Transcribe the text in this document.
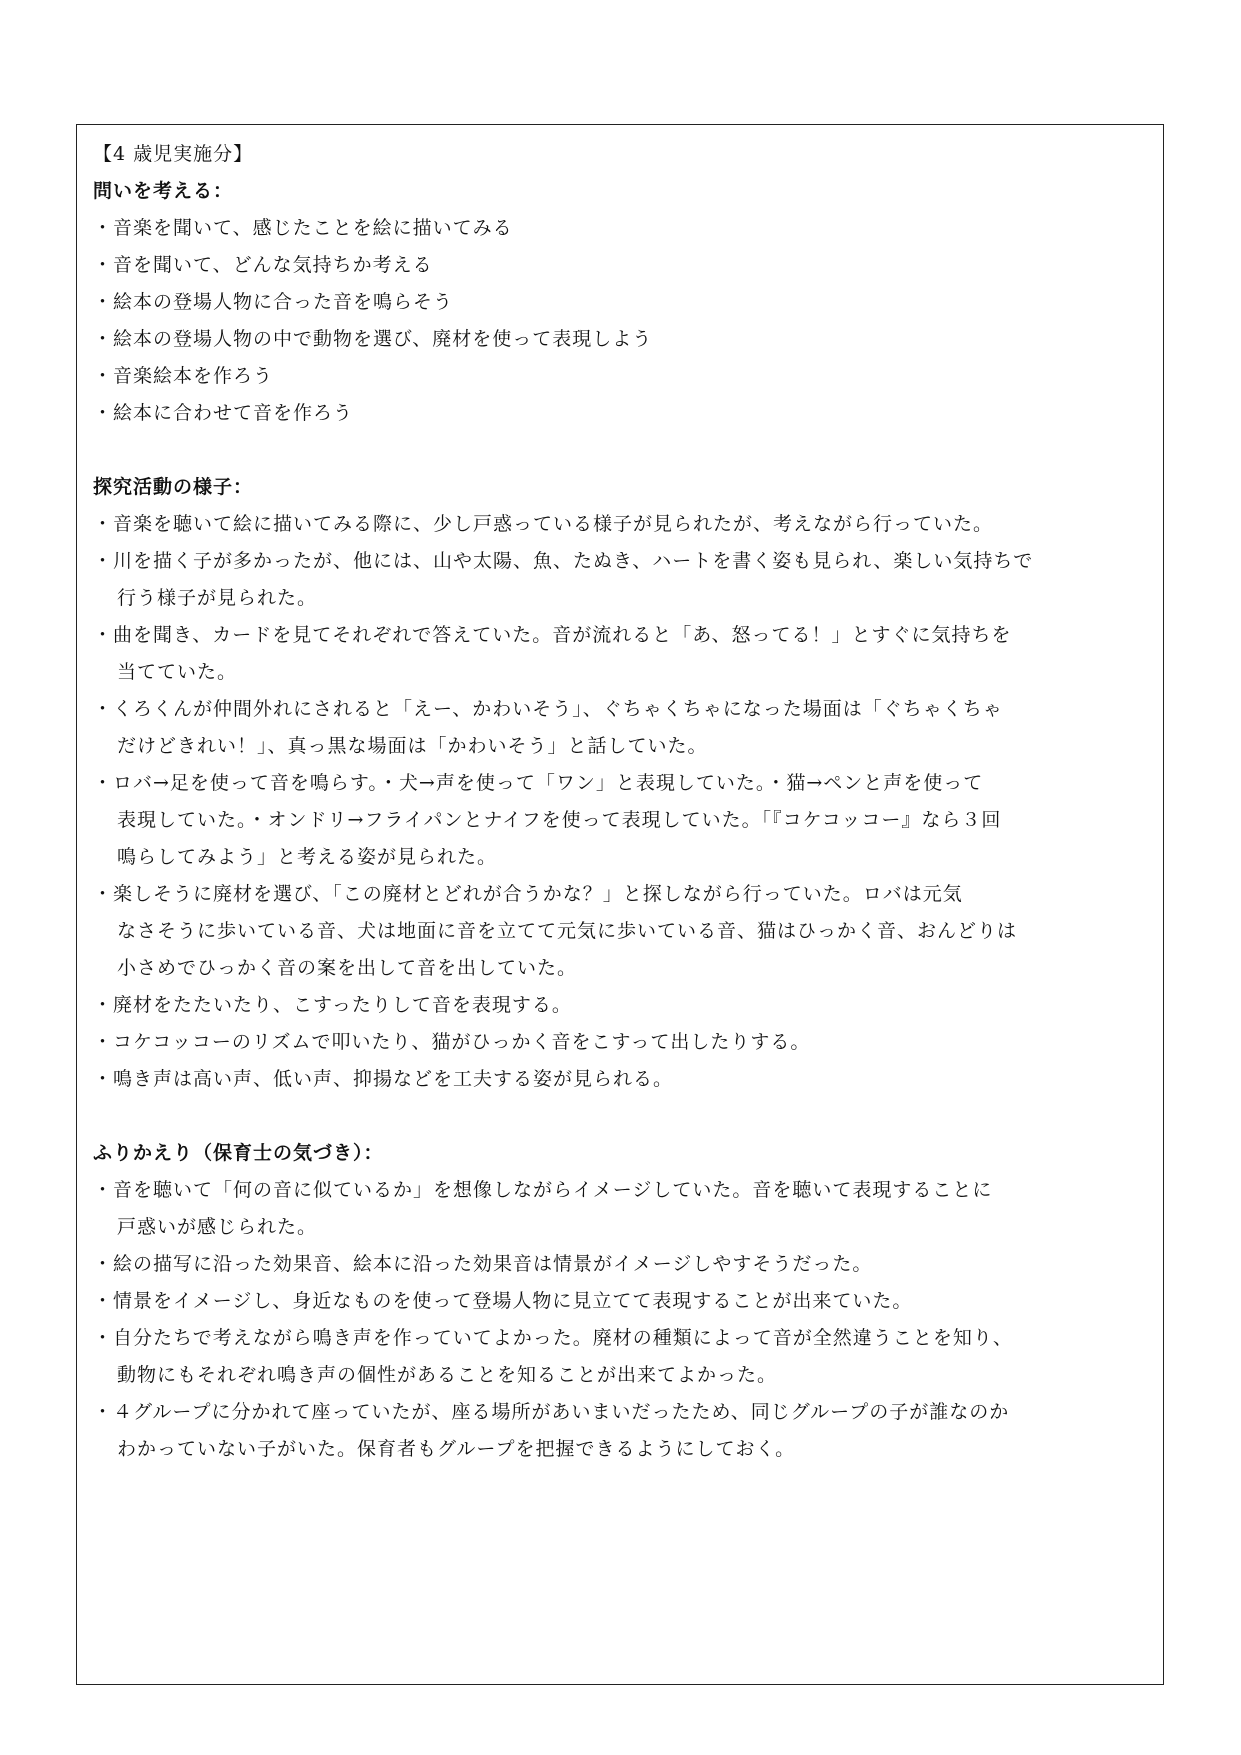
【4 歳児実施分】
問いを考える：
・音楽を聞いて、感じたことを絵に描いてみる
・音を聞いて、どんな気持ちか考える
・絵本の登場人物に合った音を鳴らそう
・絵本の登場人物の中で動物を選び、廃材を使って表現しよう
・音楽絵本を作ろう
・絵本に合わせて音を作ろう
探究活動の様子：
・音楽を聴いて絵に描いてみる際に、少し戸惑っている様子が見られたが、考えながら行っていた。
・川を描く子が多かったが、他には、山や太陽、魚、たぬき、ハートを書く姿も見られ、楽しい気持ちで
行う様子が見られた。
・曲を聞き、カードを見てそれぞれで答えていた。音が流れると「あ、怒ってる！」とすぐに気持ちを
当てていた。
・くろくんが仲間外れにされると「えー、かわいそう」、ぐちゃくちゃになった場面は「ぐちゃくちゃ
だけどきれい！」、真っ黒な場面は「かわいそう」と話していた。
・ロバ→足を使って音を鳴らす。・犬→声を使って「ワン」と表現していた。・猫→ペンと声を使って
表現していた。・オンドリ→フライパンとナイフを使って表現していた。「『コケコッコー』なら３回
鳴らしてみよう」と考える姿が見られた。
・楽しそうに廃材を選び、「この廃材とどれが合うかな？」と探しながら行っていた。ロバは元気
なさそうに歩いている音、犬は地面に音を立てて元気に歩いている音、猫はひっかく音、おんどりは
小さめでひっかく音の案を出して音を出していた。
・廃材をたたいたり、こすったりして音を表現する。
・コケコッコーのリズムで叩いたり、猫がひっかく音をこすって出したりする。
・鳴き声は高い声、低い声、抑揚などを工夫する姿が見られる。
ふりかえり（保育士の気づき）：
・音を聴いて「何の音に似ているか」を想像しながらイメージしていた。音を聴いて表現することに
戸惑いが感じられた。
・絵の描写に沿った効果音、絵本に沿った効果音は情景がイメージしやすそうだった。
・情景をイメージし、身近なものを使って登場人物に見立てて表現することが出来ていた。
・自分たちで考えながら鳴き声を作っていてよかった。廃材の種類によって音が全然違うことを知り、
動物にもそれぞれ鳴き声の個性があることを知ることが出来てよかった。
・４グループに分かれて座っていたが、座る場所があいまいだったため、同じグループの子が誰なのか
わかっていない子がいた。保育者もグループを把握できるようにしておく。
